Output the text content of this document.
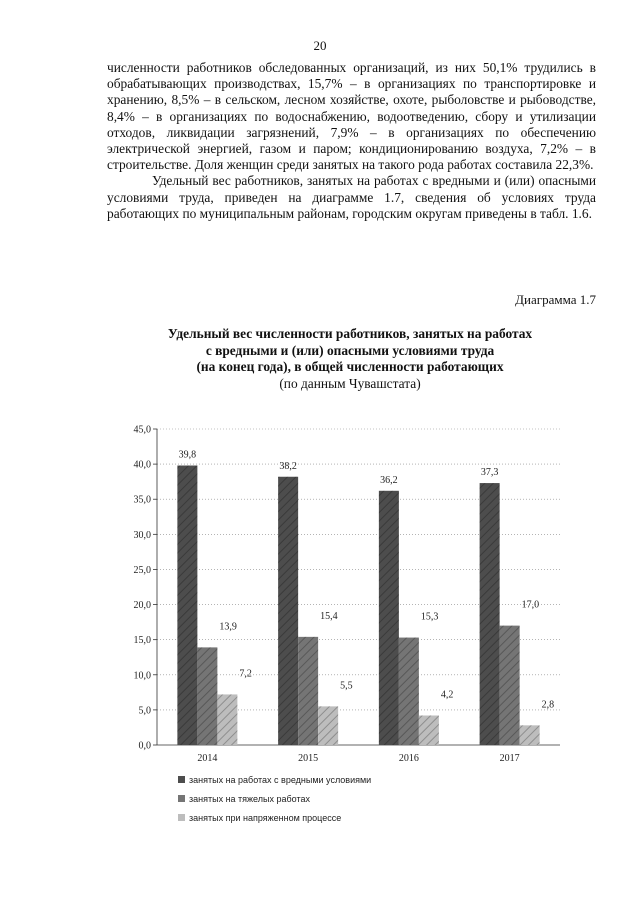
20

численности работников обследованных организаций, из них 50,1% трудились в обрабатывающих производствах, 15,7% – в организациях по транспортировке и хранению, 8,5% – в сельском, лесном хозяйстве, охоте, рыболовстве и рыбоводстве, 8,4% – в организациях по водоснабжению, водоотведению, сбору и утилизации отходов, ликвидации загрязнений, 7,9% – в организациях по обеспечению электрической энергией, газом и паром; кондиционированию воздуха, 7,2% – в строительстве. Доля женщин среди занятых на такого рода работах составила 22,3%.

Удельный вес работников, занятых на работах с вредными и (или) опасными условиями труда, приведен на диаграмме 1.7, сведения об условиях труда работающих по муниципальным районам, городским округам приведены в табл. 1.6.

Диаграмма 1.7
Удельный вес численности работников, занятых на работах
с вредными и (или) опасными условиями труда
(на конец года), в общей численности работающих
(по данным Чувашстата)
0,0
5,0
10,0
15,0
20,0
25,0
30,0
35,0
40,0
45,0
39,8
13,9
7,2
38,2
15,4
5,5
36,2
15,3
4,2
37,3
17,0
2,8
2014	2015	2016	2017
занятых на работах с вредными условиями
занятых на тяжелых работах
занятых при напряженном процессе
